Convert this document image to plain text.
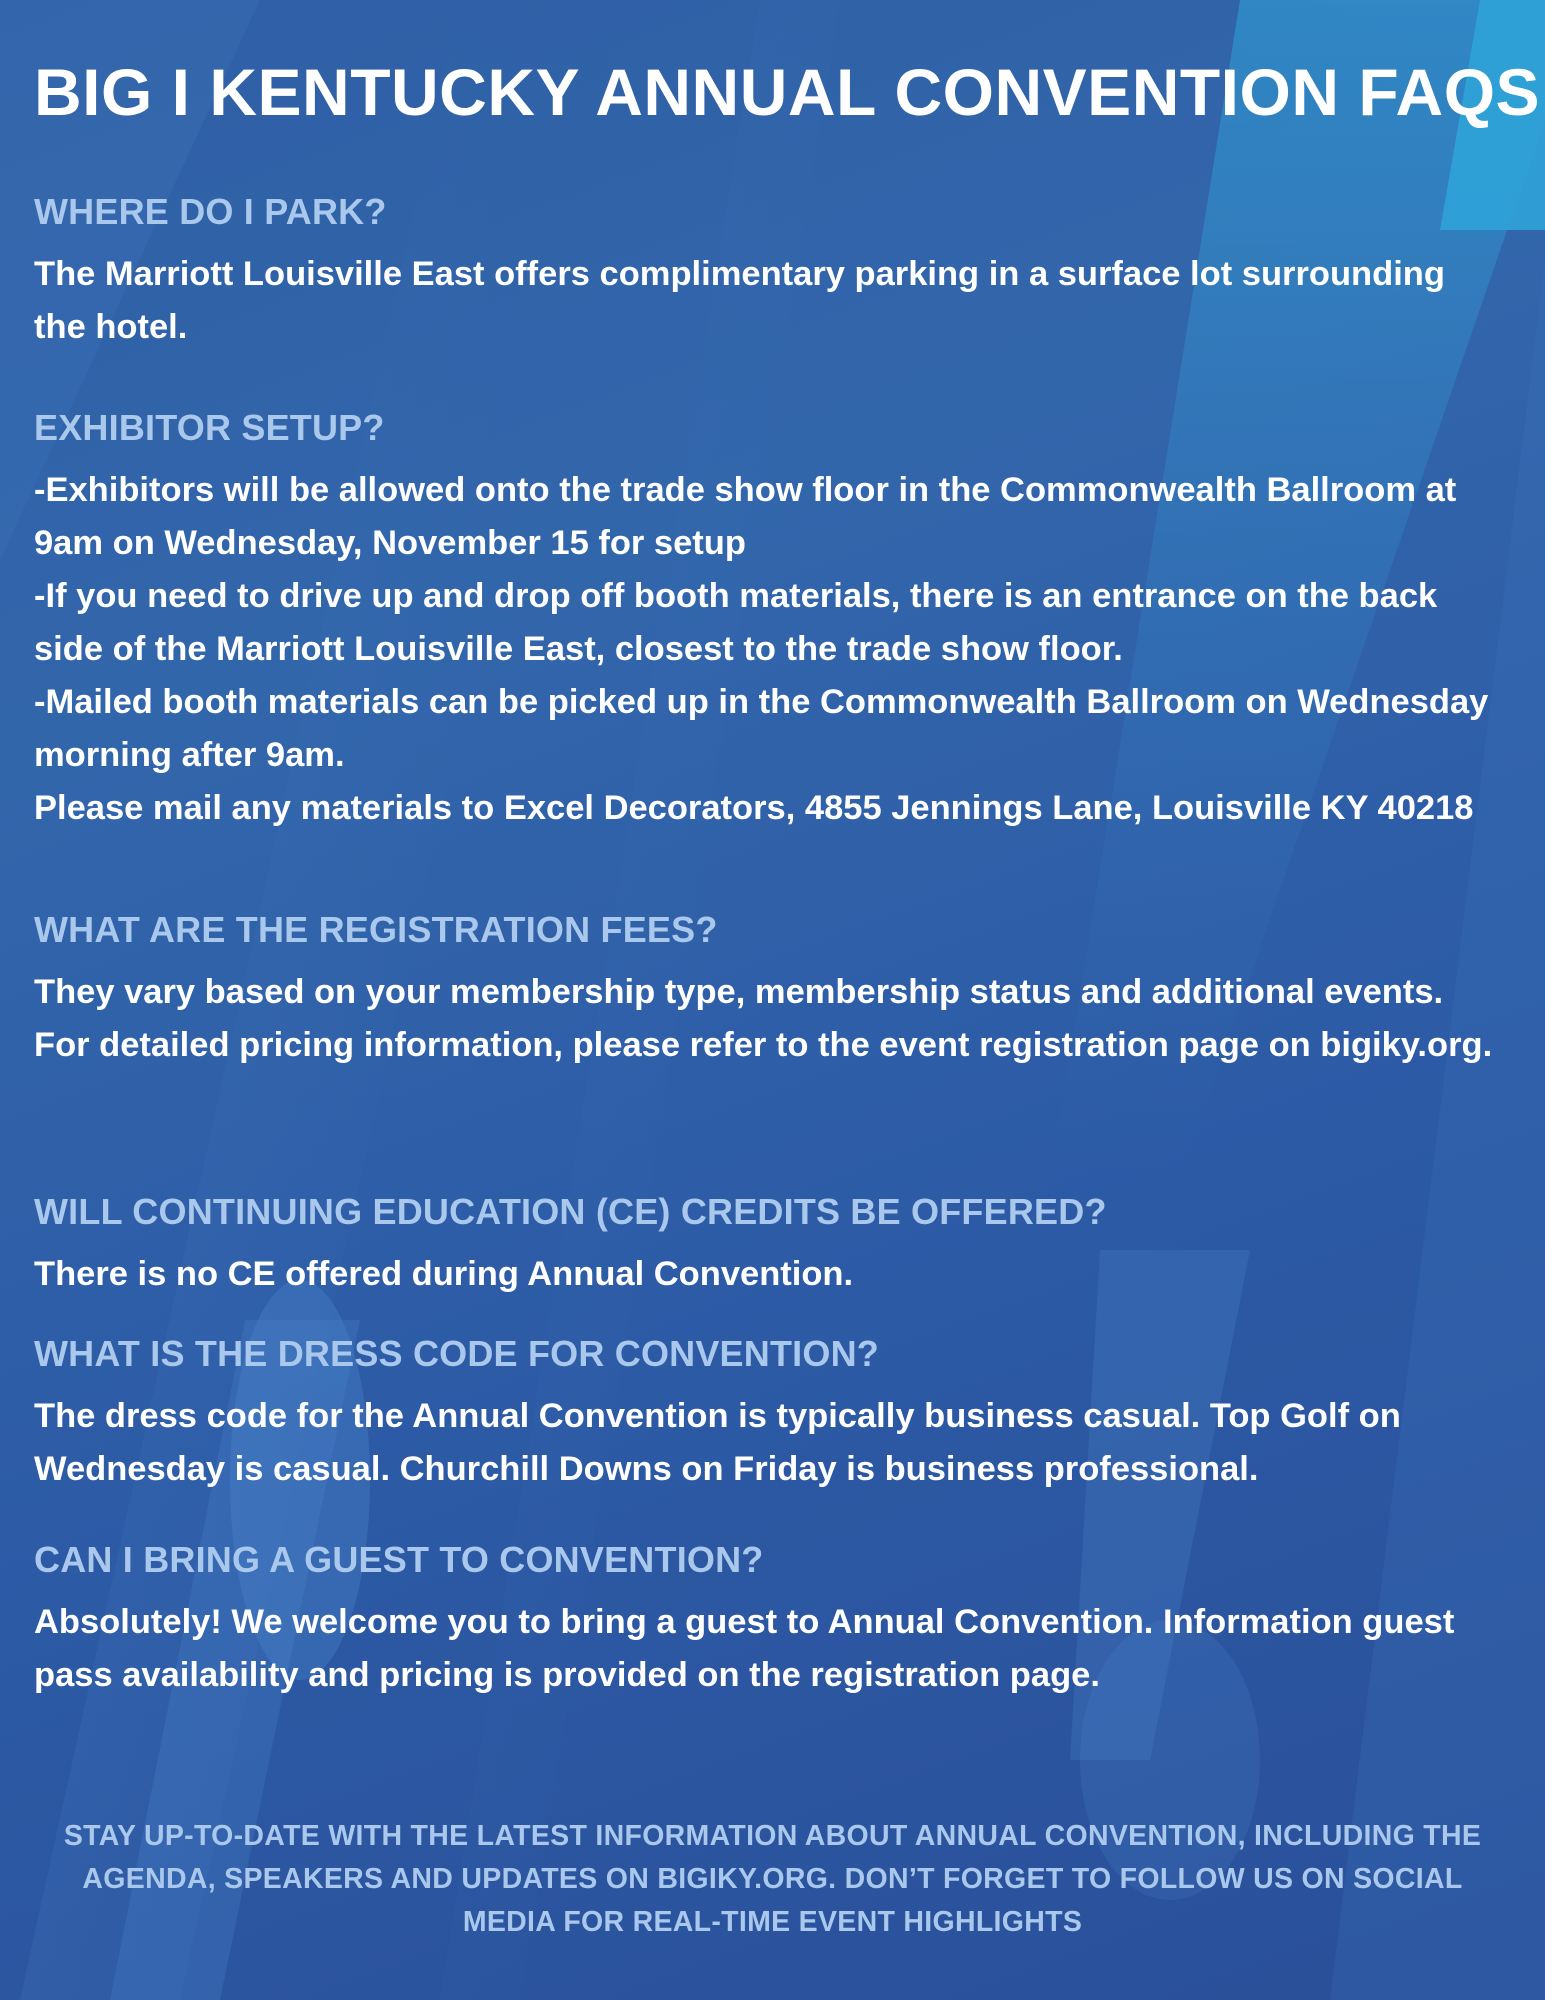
BIG I KENTUCKY ANNUAL CONVENTION FAQS
WHERE DO I PARK?

The Marriott Louisville East offers complimentary parking in a surface lot surrounding the hotel.

EXHIBITOR SETUP?

-Exhibitors will be allowed onto the trade show floor in the Commonwealth Ballroom at 9am on Wednesday, November 15 for setup

-If you need to drive up and drop off booth materials, there is an entrance on the back side of the Marriott Louisville East, closest to the trade show floor.

-Mailed booth materials can be picked up in the Commonwealth Ballroom on Wednesday morning after 9am.

Please mail any materials to Excel Decorators, 4855 Jennings Lane, Louisville KY 40218

WHAT ARE THE REGISTRATION FEES?

They vary based on your membership type, membership status and additional events. For detailed pricing information, please refer to the event registration page on bigiky.org.

WILL CONTINUING EDUCATION (CE) CREDITS BE OFFERED?

There is no CE offered during Annual Convention.

WHAT IS THE DRESS CODE FOR CONVENTION?

The dress code for the Annual Convention is typically business casual. Top Golf on Wednesday is casual. Churchill Downs on Friday is business professional.

CAN I BRING A GUEST TO CONVENTION?

Absolutely! We welcome you to bring a guest to Annual Convention. Information guest pass availability and pricing is provided on the registration page.

STAY UP-TO-DATE WITH THE LATEST INFORMATION ABOUT ANNUAL CONVENTION, INCLUDING THE AGENDA, SPEAKERS AND UPDATES ON BIGIKY.ORG. DON’T FORGET TO FOLLOW US ON SOCIAL MEDIA FOR REAL-TIME EVENT HIGHLIGHTS
